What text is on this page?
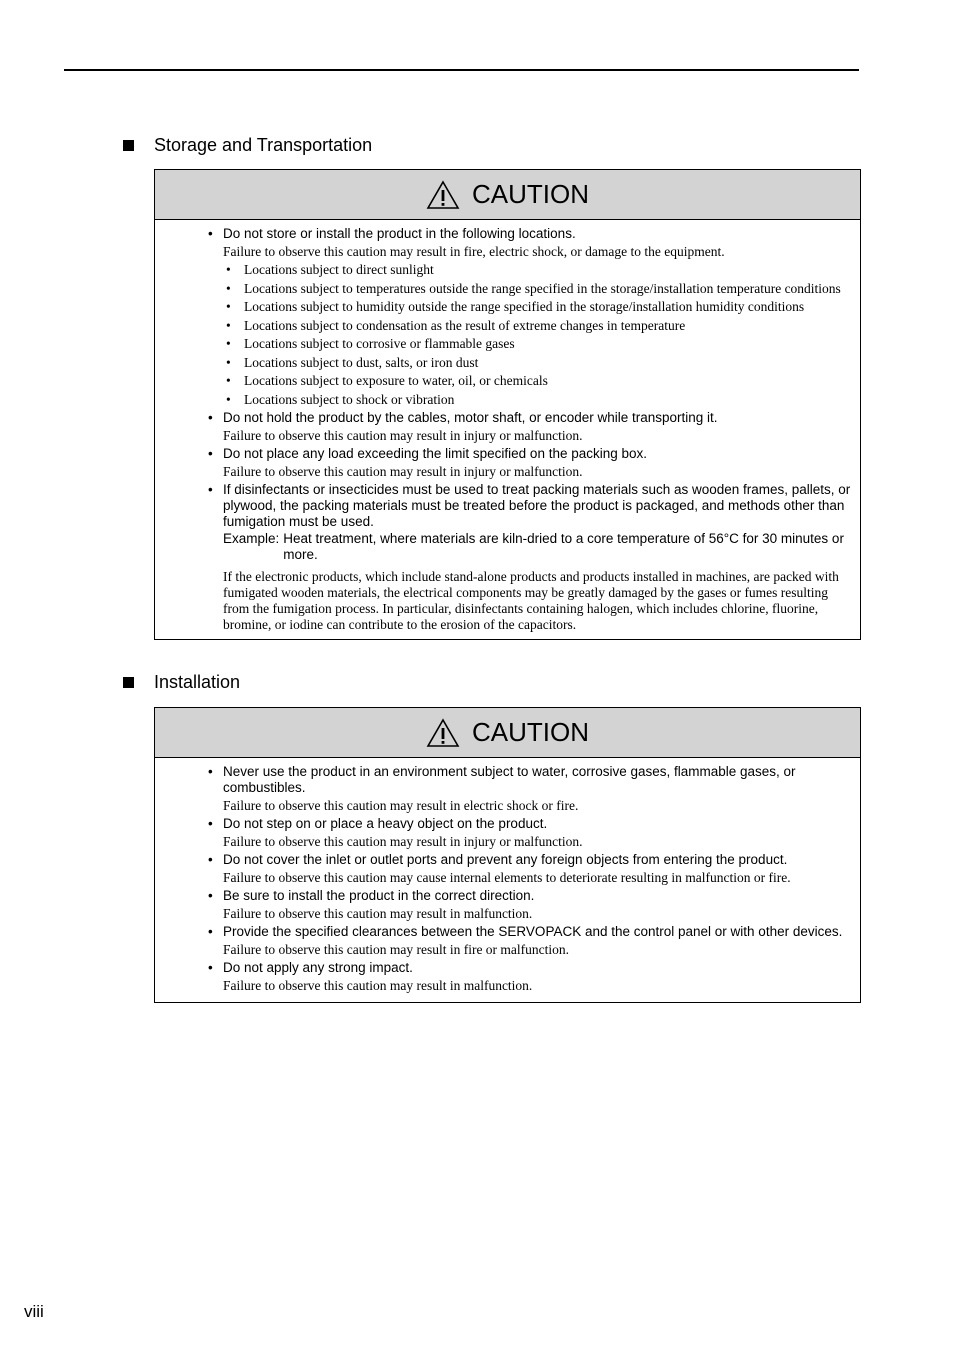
Storage and Transportation
CAUTION
• Do not store or install the product in the following locations.
Failure to observe this caution may result in fire, electric shock, or damage to the equipment.
• Locations subject to direct sunlight
• Locations subject to temperatures outside the range specified in the storage/installation temperature conditions
• Locations subject to humidity outside the range specified in the storage/installation humidity conditions
• Locations subject to condensation as the result of extreme changes in temperature
• Locations subject to corrosive or flammable gases
• Locations subject to dust, salts, or iron dust
• Locations subject to exposure to water, oil, or chemicals
• Locations subject to shock or vibration
• Do not hold the product by the cables, motor shaft, or encoder while transporting it.
Failure to observe this caution may result in injury or malfunction.
• Do not place any load exceeding the limit specified on the packing box.
Failure to observe this caution may result in injury or malfunction.
• If disinfectants or insecticides must be used to treat packing materials such as wooden frames, pallets, or plywood, the packing materials must be treated before the product is packaged, and methods other than fumigation must be used.
Example: Heat treatment, where materials are kiln-dried to a core temperature of 56°C for 30 minutes or more.
If the electronic products, which include stand-alone products and products installed in machines, are packed with fumigated wooden materials, the electrical components may be greatly damaged by the gases or fumes resulting from the fumigation process. In particular, disinfectants containing halogen, which includes chlorine, fluorine, bromine, or iodine can contribute to the erosion of the capacitors.
Installation
CAUTION
• Never use the product in an environment subject to water, corrosive gases, flammable gases, or combustibles.
Failure to observe this caution may result in electric shock or fire.
• Do not step on or place a heavy object on the product.
Failure to observe this caution may result in injury or malfunction.
• Do not cover the inlet or outlet ports and prevent any foreign objects from entering the product.
Failure to observe this caution may cause internal elements to deteriorate resulting in malfunction or fire.
• Be sure to install the product in the correct direction.
Failure to observe this caution may result in malfunction.
• Provide the specified clearances between the SERVOPACK and the control panel or with other devices.
Failure to observe this caution may result in fire or malfunction.
• Do not apply any strong impact.
Failure to observe this caution may result in malfunction.
viii
